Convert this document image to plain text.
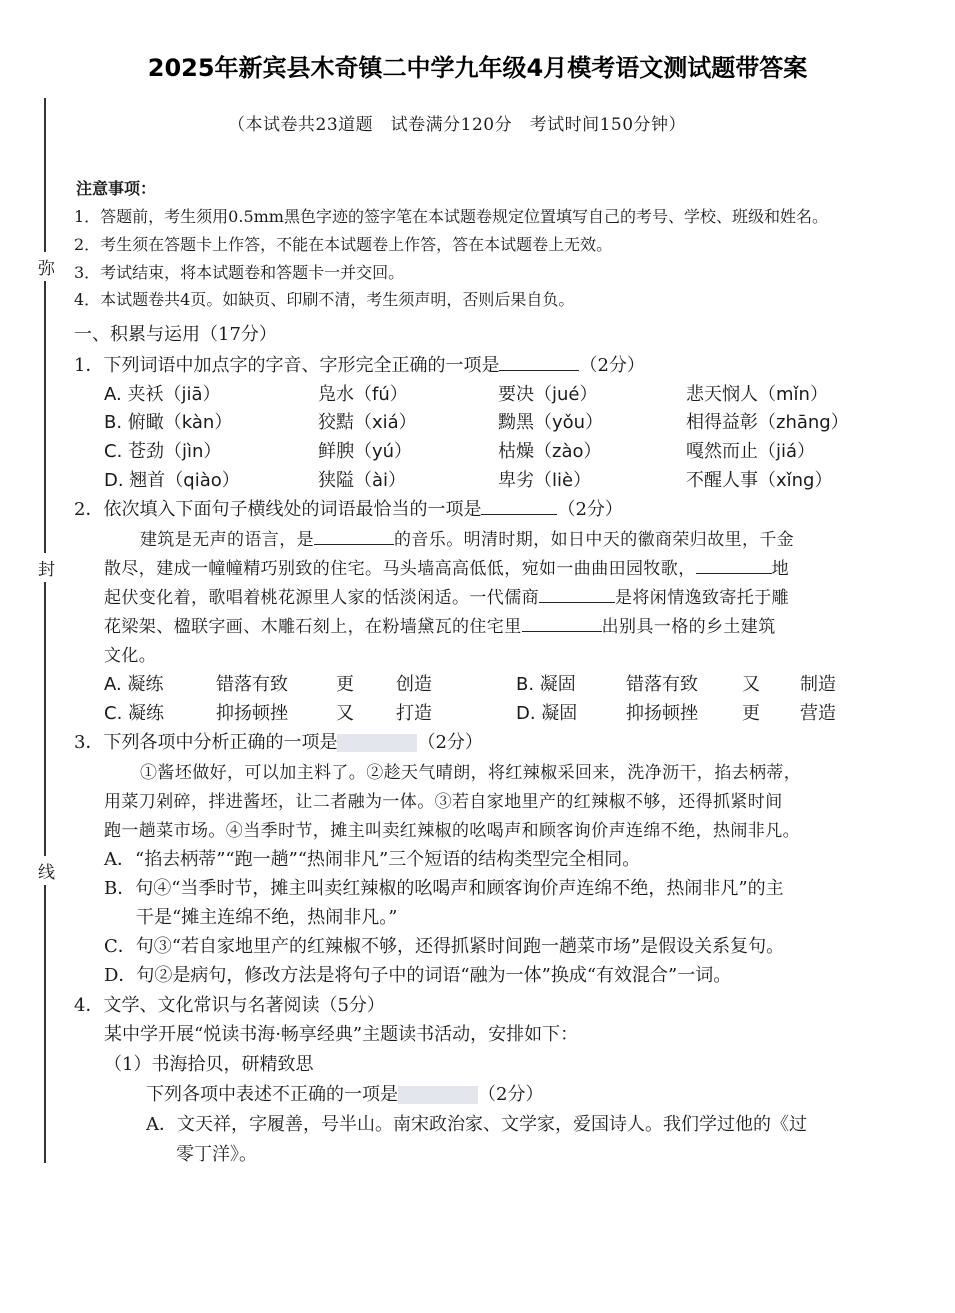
2025年新宾县木奇镇二中学九年级4月模考语文测试题带答案
（本试卷共23道题　试卷满分120分　考试时间150分钟）
弥
封
线
注意事项：
1．答题前，考生须用0.5mm黑色字迹的签字笔在本试题卷规定位置填写自己的考号、学校、班级和姓名。
2．考生须在答题卡上作答，不能在本试题卷上作答，答在本试题卷上无效。
3．考试结束，将本试题卷和答题卡一并交回。
4．本试题卷共4页。如缺页、印刷不清，考生须声明，否则后果自负。
一、积累与运用（17分）
1．下列词语中加点字的字音、字形完全正确的一项是	（2分）
A. 夹袄（jiā）	凫水（fú）	要决（jué）	悲天悯人（mǐn）
B. 俯瞰（kàn）	狡黠（xiá）	黝黑（yǒu）	相得益彰（zhāng）
C. 苍劲（jìn）	鲜腴（yú）	枯燥（zào）	嘎然而止（jiá）
D. 翘首（qiào）	狭隘（ài）	卑劣（liè）	不醒人事（xǐng）
2．依次填入下面句子横线处的词语最恰当的一项是	（2分）
建筑是无声的语言，是	的音乐。明清时期，如日中天的徽商荣归故里，千金
散尽，建成一幢幢精巧别致的住宅。马头墙高高低低，宛如一曲曲田园牧歌，	地
起伏变化着，歌唱着桃花源里人家的恬淡闲适。一代儒商	是将闲情逸致寄托于雕
花梁架、楹联字画、木雕石刻上，在粉墙黛瓦的住宅里	出别具一格的乡土建筑
文化。
A. 凝练	错落有致	更 创造	B. 凝固	错落有致 又 制造
C. 凝练	抑扬顿挫	又 打造	D. 凝固	抑扬顿挫 更 营造
3．下列各项中分析正确的一项是	（2分）
①酱坯做好，可以加主料了。②趁天气晴朗，将红辣椒采回来，洗净沥干，掐去柄蒂，
用菜刀剁碎，拌进酱坯，让二者融为一体。③若自家地里产的红辣椒不够，还得抓紧时间
跑一趟菜市场。④当季时节，摊主叫卖红辣椒的吆喝声和顾客询价声连绵不绝，热闹非凡。
A．“掐去柄蒂”“跑一趟”“热闹非凡”三个短语的结构类型完全相同。
B．句④“当季时节，摊主叫卖红辣椒的吆喝声和顾客询价声连绵不绝，热闹非凡”的主
干是“摊主连绵不绝，热闹非凡。”
C．句③“若自家地里产的红辣椒不够，还得抓紧时间跑一趟菜市场”是假设关系复句。
D．句②是病句，修改方法是将句子中的词语“融为一体”换成“有效混合”一词。
4．文学、文化常识与名著阅读（5分）
某中学开展“悦读书海·畅享经典”主题读书活动，安排如下：
（1）书海拾贝，研精致思
下列各项中表述不正确的一项是	（2分）
A．文天祥，字履善，号半山。南宋政治家、文学家，爱国诗人。我们学过他的《过
零丁洋》。
